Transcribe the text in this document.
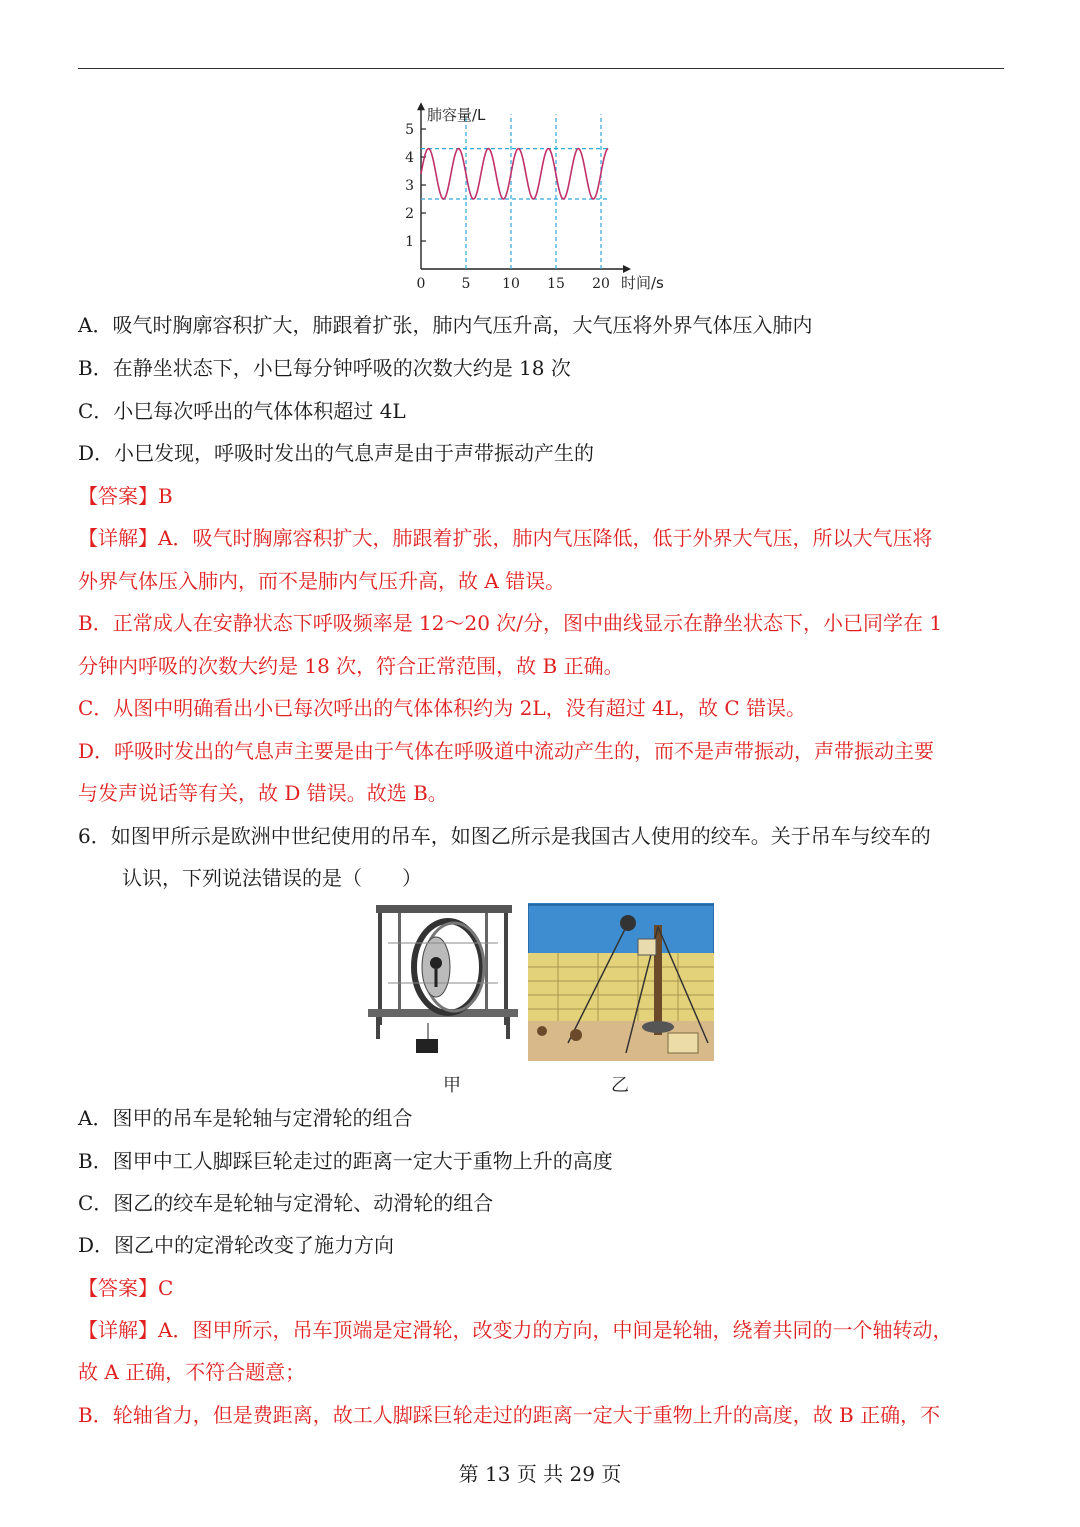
1
2
3
4
5
0	5 10 15 20
肺容量/L
时间/s
A．吸气时胸廓容积扩大，肺跟着扩张，肺内气压升高，大气压将外界气体压入肺内
B．在静坐状态下，小巳每分钟呼吸的次数大约是 18 次
C．小巳每次呼出的气体体积超过 4L
D．小巳发现，呼吸时发出的气息声是由于声带振动产生的
【答案】B
【详解】A．吸气时胸廓容积扩大，肺跟着扩张，肺内气压降低，低于外界大气压，所以大气压将
外界气体压入肺内，而不是肺内气压升高，故 A 错误。
B．正常成人在安静状态下呼吸频率是 12～20 次/分，图中曲线显示在静坐状态下，小已同学在 1
分钟内呼吸的次数大约是 18 次，符合正常范围，故 B 正确。
C．从图中明确看出小已每次呼出的气体体积约为 2L，没有超过 4L，故 C 错误。
D．呼吸时发出的气息声主要是由于气体在呼吸道中流动产生的，而不是声带振动，声带振动主要
与发声说话等有关，故 D 错误。故选 B。
6．如图甲所示是欧洲中世纪使用的吊车，如图乙所示是我国古人使用的绞车。关于吊车与绞车的
认识，下列说法错误的是（　　）
甲	乙
A．图甲的吊车是轮轴与定滑轮的组合
B．图甲中工人脚踩巨轮走过的距离一定大于重物上升的高度
C．图乙的绞车是轮轴与定滑轮、动滑轮的组合
D．图乙中的定滑轮改变了施力方向
【答案】C
【详解】A．图甲所示，吊车顶端是定滑轮，改变力的方向，中间是轮轴，绕着共同的一个轴转动，
故 A 正确，不符合题意；
B．轮轴省力，但是费距离，故工人脚踩巨轮走过的距离一定大于重物上升的高度，故 B 正确，不
第 13 页 共 29 页
